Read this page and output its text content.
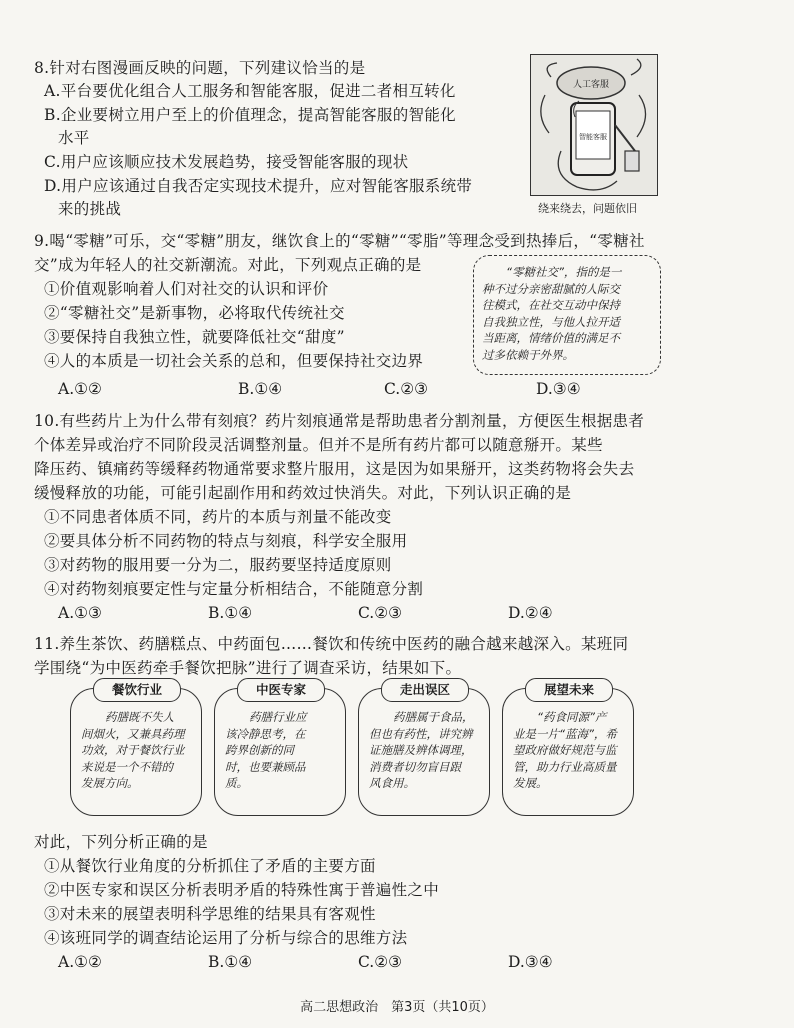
8.针对右图漫画反映的问题，下列建议恰当的是
A.平台要优化组合人工服务和智能客服，促进二者相互转化
B.企业要树立用户至上的价值理念，提高智能客服的智能化
水平
C.用户应该顺应技术发展趋势，接受智能客服的现状
D.用户应该通过自我否定实现技术提升，应对智能客服系统带
来的挑战
人工客服
智能客服
绕来绕去，问题依旧
9.喝“零糖”可乐，交“零糖”朋友，继饮食上的“零糖”“零脂”等理念受到热捧后，“零糖社
交”成为年轻人的社交新潮流。对此，下列观点正确的是
①价值观影响着人们对社交的认识和评价
②“零糖社交”是新事物，必将取代传统社交
③要保持自我独立性，就要降低社交“甜度”
④人的本质是一切社会关系的总和，但要保持社交边界
“零糖社交”，指的是一
种不过分亲密甜腻的人际交
往模式，在社交互动中保持
自我独立性，与他人拉开适
当距离，情绪价值的满足不
过多依赖于外界。
A.①②	B.①④	C.②③	D.③④
10.有些药片上为什么带有刻痕？药片刻痕通常是帮助患者分割剂量，方便医生根据患者
个体差异或治疗不同阶段灵活调整剂量。但并不是所有药片都可以随意掰开。某些
降压药、镇痛药等缓释药物通常要求整片服用，这是因为如果掰开，这类药物将会失去
缓慢释放的功能，可能引起副作用和药效过快消失。对此，下列认识正确的是
①不同患者体质不同，药片的本质与剂量不能改变
②要具体分析不同药物的特点与刻痕，科学安全服用
③对药物的服用要一分为二，服药要坚持适度原则
④对药物刻痕要定性与定量分析相结合，不能随意分割
A.①③	B.①④	C.②③	D.②④
11.养生茶饮、药膳糕点、中药面包……餐饮和传统中医药的融合越来越深入。某班同
学围绕“为中医药牵手餐饮把脉”进行了调查采访，结果如下。
餐饮行业
药膳既不失人
间烟火，又兼具药理
功效，对于餐饮行业
来说是一个不错的
发展方向。
中医专家
药膳行业应
该冷静思考，在
跨界创新的同
时，也要兼顾品
质。
走出误区
药膳属于食品，
但也有药性，讲究辨
证施膳及辨体调理，
消费者切勿盲目跟
风食用。
展望未来
“药食同源”产
业是一片“蓝海”，希
望政府做好规范与监
管，助力行业高质量
发展。
对此，下列分析正确的是
①从餐饮行业角度的分析抓住了矛盾的主要方面
②中医专家和误区分析表明矛盾的特殊性寓于普遍性之中
③对未来的展望表明科学思维的结果具有客观性
④该班同学的调查结论运用了分析与综合的思维方法
A.①②	B.①④	C.②③	D.③④
高二思想政治　第3页（共10页）
